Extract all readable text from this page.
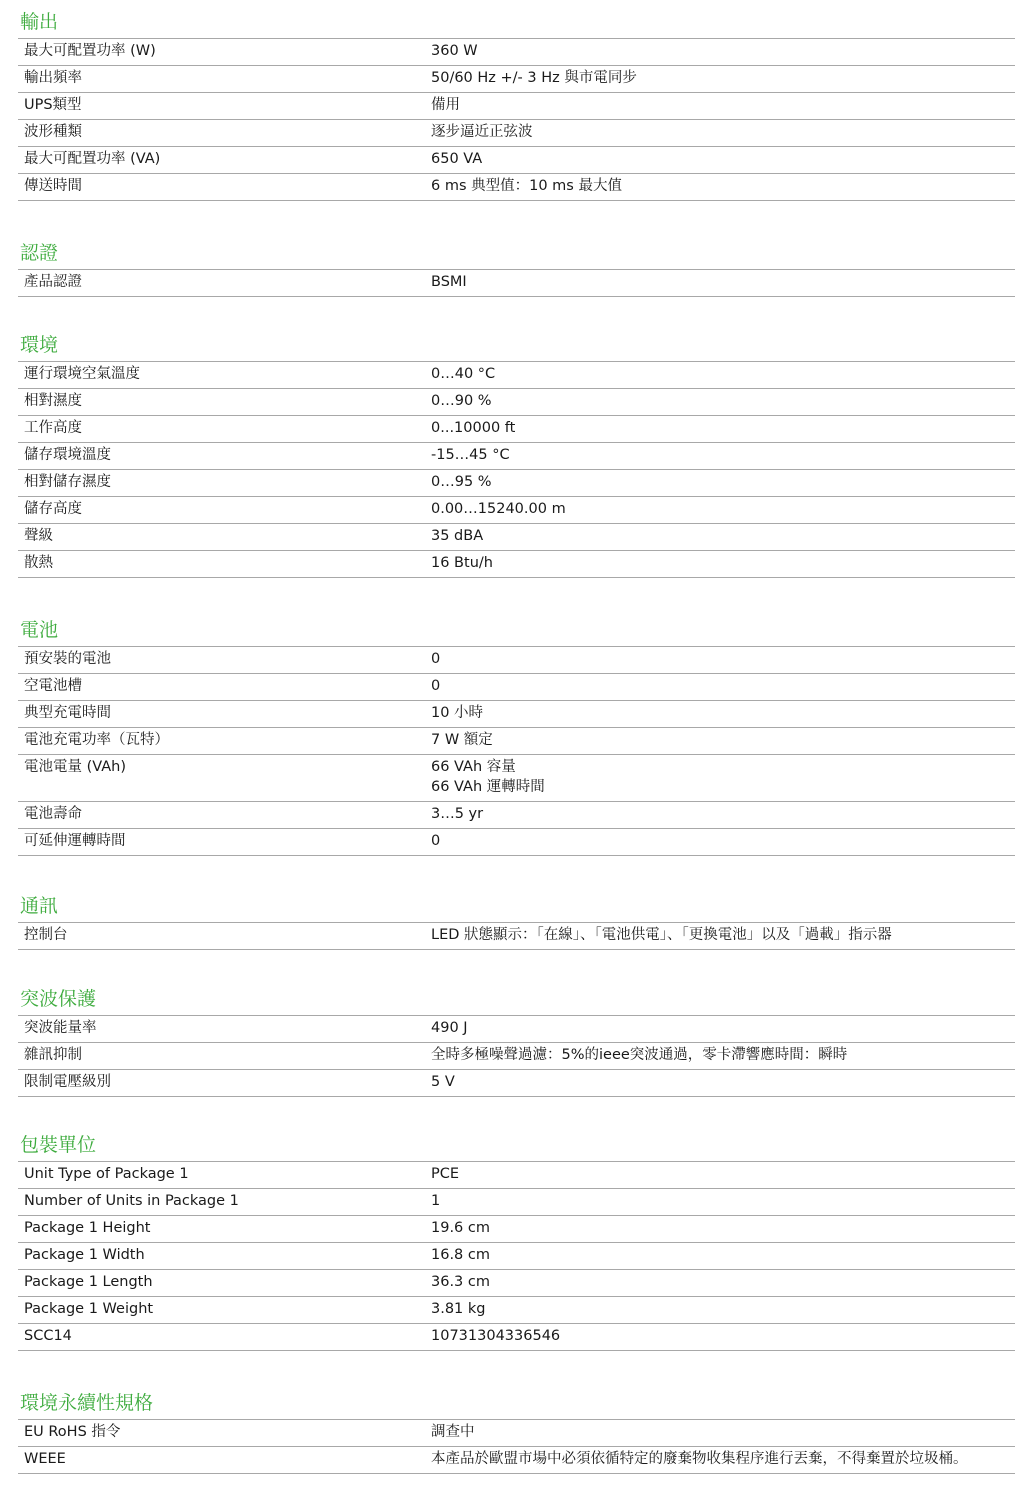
輸出
最大可配置功率 (W)	360 W
輸出頻率	50/60 Hz +/- 3 Hz 與市電同步
UPS類型	備用
波形種類	逐步逼近正弦波
最大可配置功率 (VA)	650 VA
傳送時間	6 ms 典型值：10 ms 最大值
認證
產品認證	BSMI
環境
運行環境空氣溫度	0…40 °C
相對濕度	0…90 %
工作高度	0...10000 ft
儲存環境溫度	-15…45 °C
相對儲存濕度	0…95 %
儲存高度	0.00…15240.00 m
聲級	35 dBA
散熱	16 Btu/h
電池
預安裝的電池	0
空電池槽	0
典型充電時間	10 小時
電池充電功率（瓦特）	7 W 額定
電池電量 (VAh)	66 VAh 容量
66 VAh 運轉時間
電池壽命	3…5 yr
可延伸運轉時間	0
通訊
控制台	LED 狀態顯示：「在線」、「電池供電」、「更換電池」以及「過載」指示器
突波保護
突波能量率	490 J
雜訊抑制	全時多極噪聲過濾：5%的ieee突波通過，零卡滯響應時間：瞬時
限制電壓級別	5 V
包裝單位
Unit Type of Package 1	PCE
Number of Units in Package 1	1
Package 1 Height	19.6 cm
Package 1 Width	16.8 cm
Package 1 Length	36.3 cm
Package 1 Weight	3.81 kg
SCC14	10731304336546
環境永續性規格
EU RoHS 指令	調查中
WEEE	本產品於歐盟市場中必須依循特定的廢棄物收集程序進行丟棄，不得棄置於垃圾桶。
